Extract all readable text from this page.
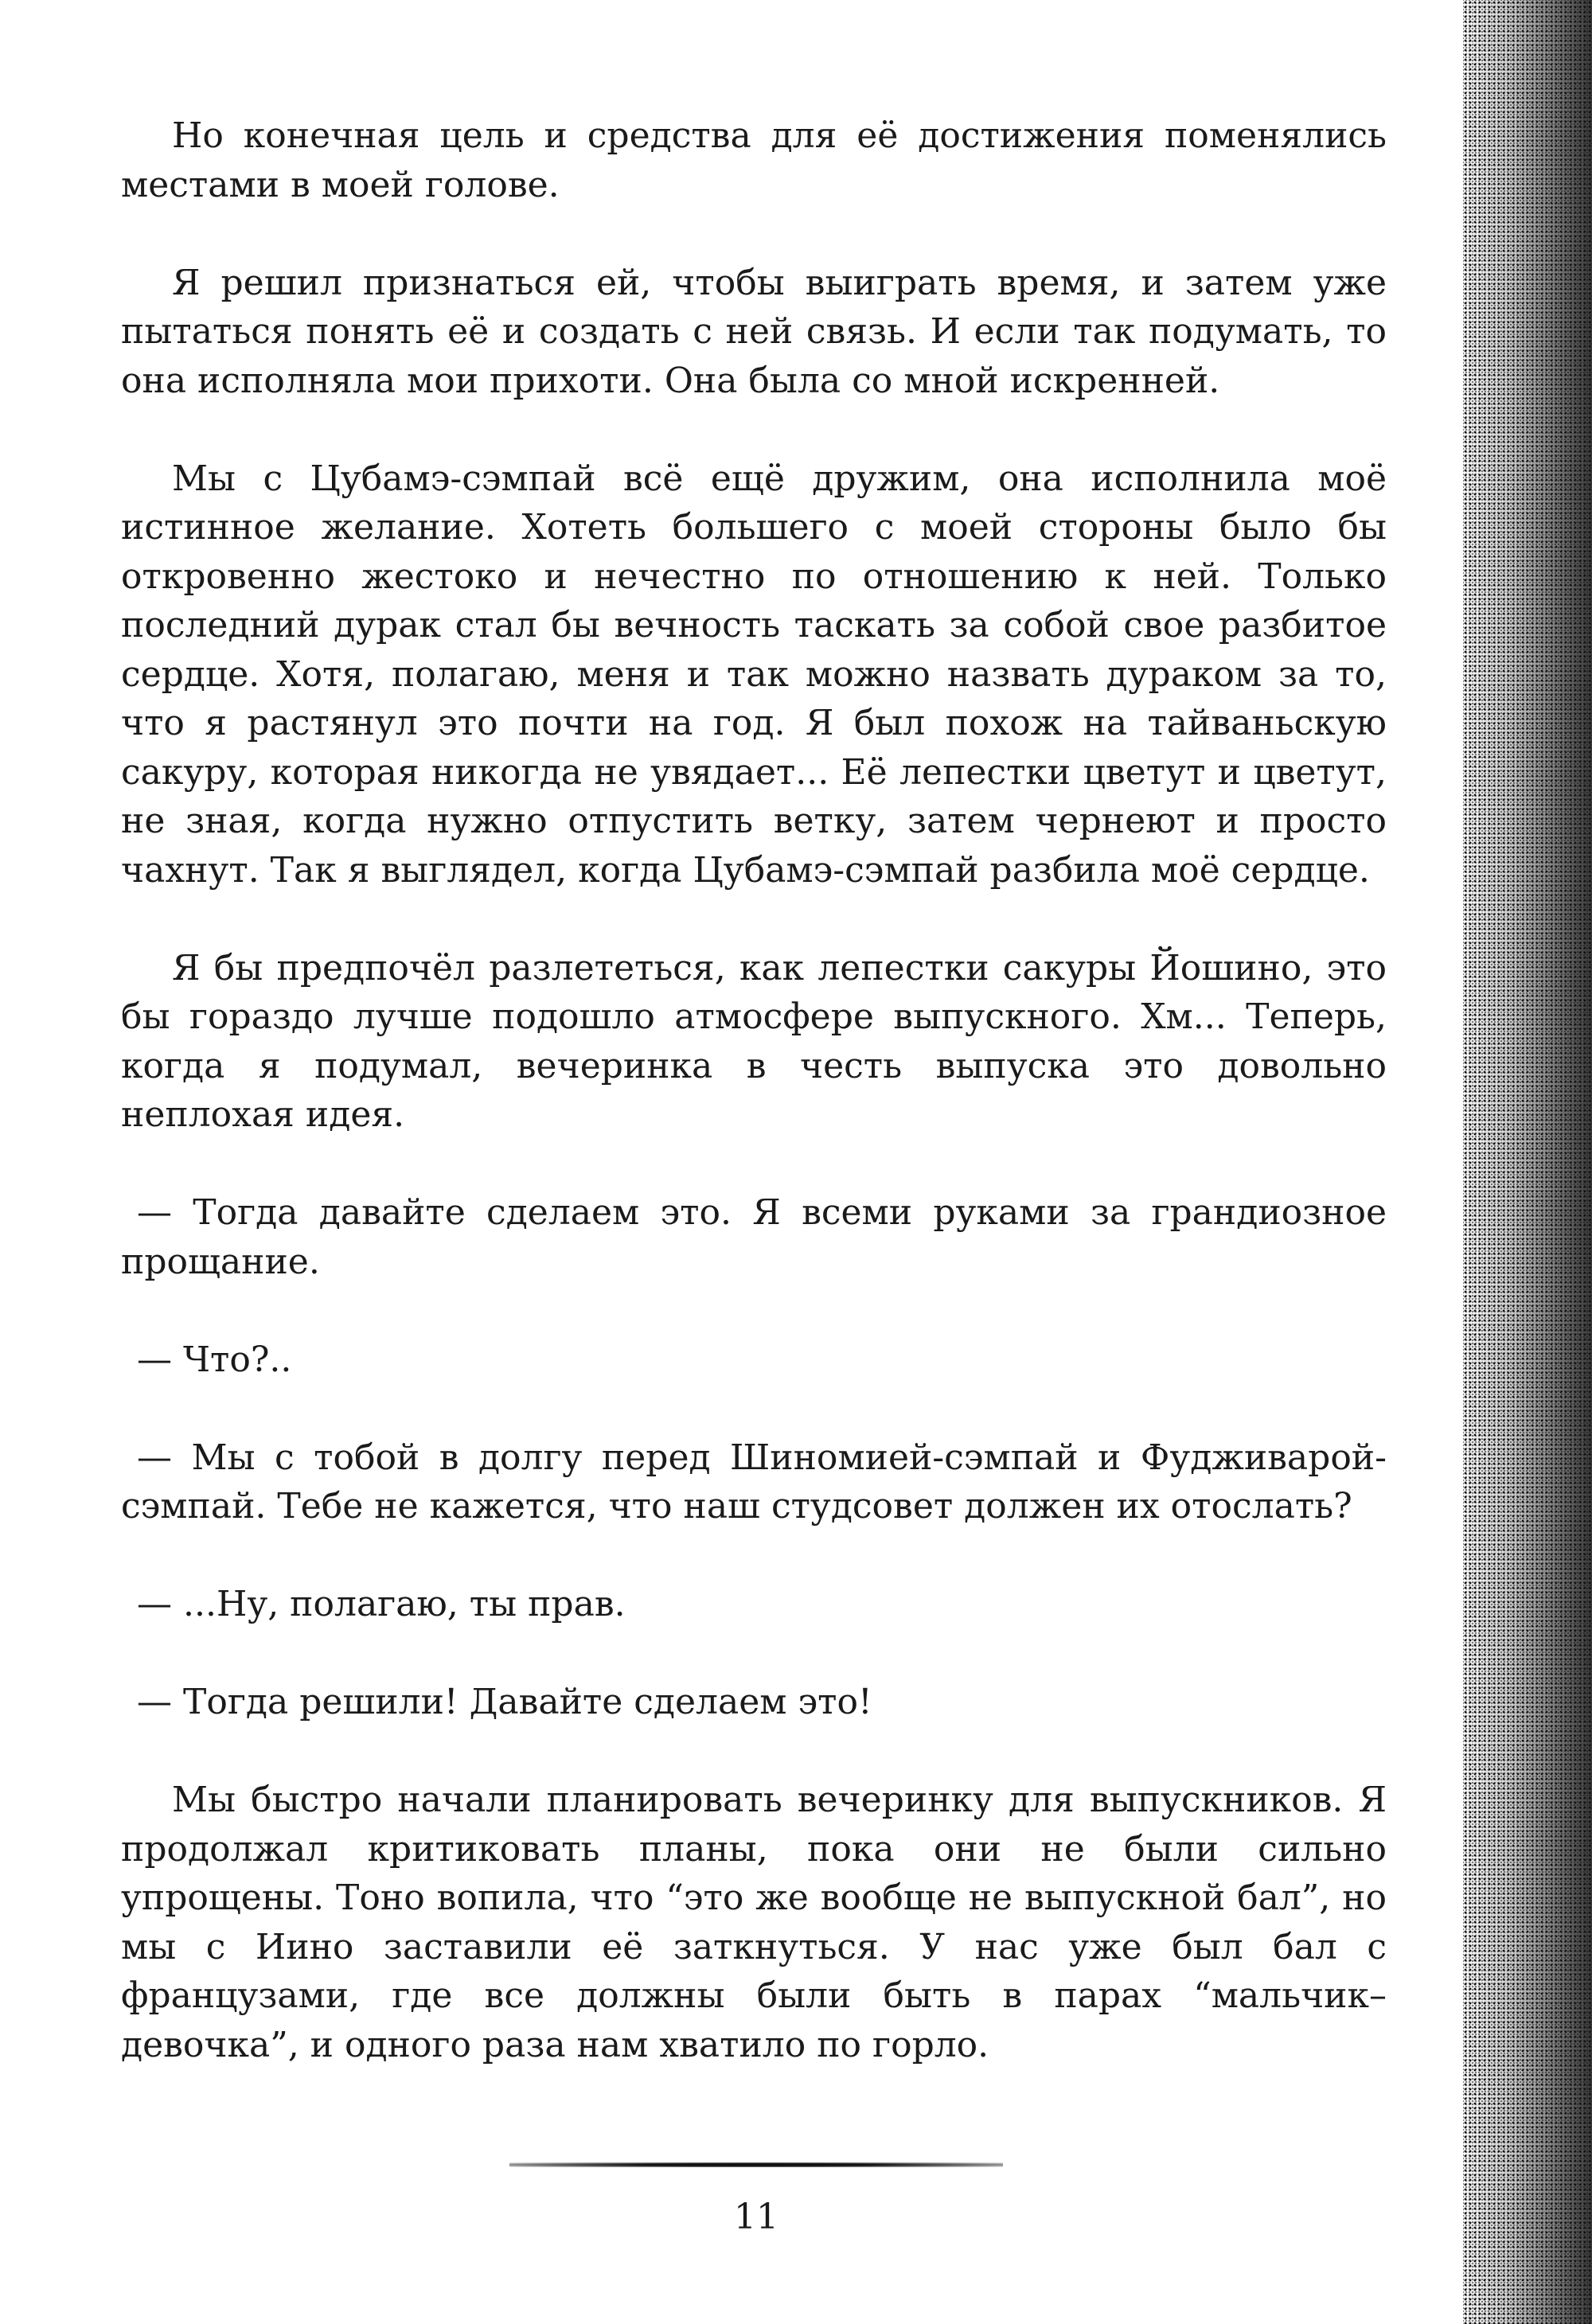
Но конечная цель и средства для её достижения поменялись местами в моей голове.

Я решил признаться ей, чтобы выиграть время, и затем уже пытаться понять её и создать с ней связь. И если так подумать, то она исполняла мои прихоти. Она была со мной искренней.

Мы с Цубамэ-сэмпай всё ещё дружим, она исполнила моё истинное желание. Хотеть большего с моей стороны было бы откровенно жестоко и нечестно по отношению к ней. Только последний дурак стал бы вечность таскать за собой свое разбитое сердце. Хотя, полагаю, меня и так можно назвать дураком за то, что я растянул это почти на год. Я был похож на тайваньскую сакуру, которая никогда не увядает... Её лепестки цветут и цветут, не зная, когда нужно отпустить ветку, затем чернеют и просто чахнут. Так я выглядел, когда Цубамэ-сэмпай разбила моё сердце.

Я бы предпочёл разлететься, как лепестки сакуры Йошино, это бы гораздо лучше подошло атмосфере выпускного. Хм... Теперь, когда я подумал, вечеринка в честь выпуска это довольно неплохая идея.

— Тогда давайте сделаем это. Я всеми руками за грандиозное прощание.

— Что?..

— Мы с тобой в долгу перед Шиномией-сэмпай и Фудживарой-сэмпай. Тебе не кажется, что наш студсовет должен их отослать?

— ...Ну, полагаю, ты прав.

— Тогда решили! Давайте сделаем это!

Мы быстро начали планировать вечеринку для выпускников. Я продолжал критиковать планы, пока они не были сильно упрощены. Тоно вопила, что “это же вообще не выпускной бал”, но мы с Иино заставили её заткнуться. У нас уже был бал с французами, где все должны были быть в парах “мальчик–девочка”, и одного раза нам хватило по горло.

11
